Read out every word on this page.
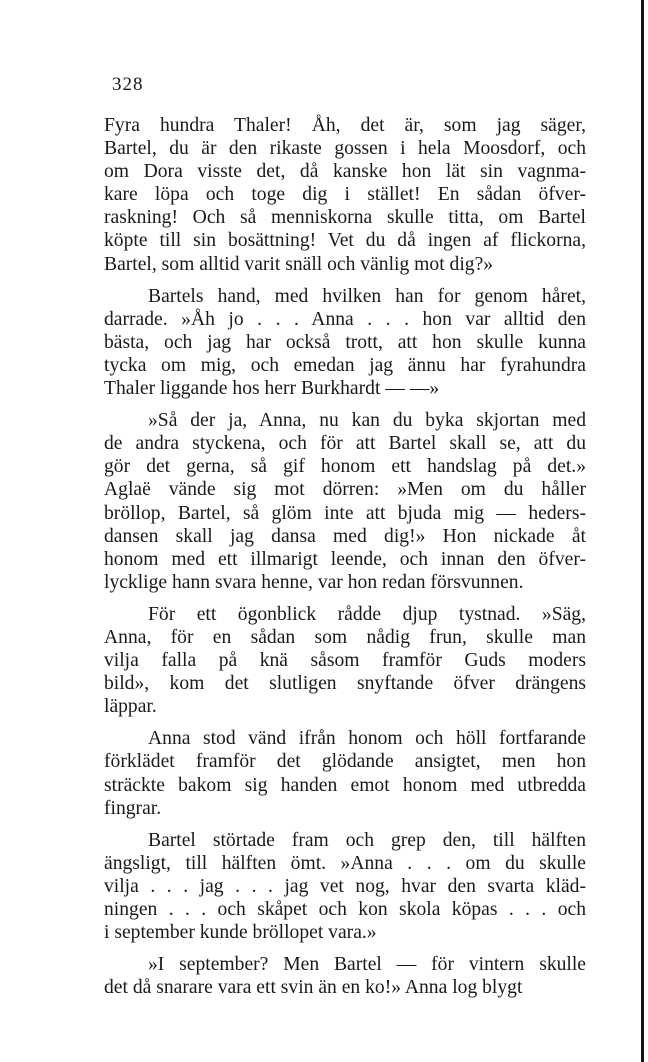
328
Fyra hundra Thaler! Åh, det är, som jag säger,
Bartel, du är den rikaste gossen i hela Moosdorf, och
om Dora visste det, då kanske hon lät sin vagnma-
kare löpa och toge dig i stället! En sådan öfver-
raskning! Och så menniskorna skulle titta, om Bartel
köpte till sin bosättning! Vet du då ingen af flickorna,
Bartel, som alltid varit snäll och vänlig mot dig?»
Bartels hand, med hvilken han for genom håret,
darrade. »Åh jo . . . Anna . . . hon var alltid den
bästa, och jag har också trott, att hon skulle kunna
tycka om mig, och emedan jag ännu har fyrahundra
Thaler liggande hos herr Burkhardt — —»
»Så der ja, Anna, nu kan du byka skjortan med
de andra styckena, och för att Bartel skall se, att du
gör det gerna, så gif honom ett handslag på det.»
Aglaë vände sig mot dörren: »Men om du håller
bröllop, Bartel, så glöm inte att bjuda mig — heders-
dansen skall jag dansa med dig!» Hon nickade åt
honom med ett illmarigt leende, och innan den öfver-
lycklige hann svara henne, var hon redan försvunnen.
För ett ögonblick rådde djup tystnad. »Säg,
Anna, för en sådan som nådig frun, skulle man
vilja falla på knä såsom framför Guds moders
bild», kom det slutligen snyftande öfver drängens
läppar.
Anna stod vänd ifrån honom och höll fortfarande
förklädet framför det glödande ansigtet, men hon
sträckte bakom sig handen emot honom med utbredda
fingrar.
Bartel störtade fram och grep den, till hälften
ängsligt, till hälften ömt. »Anna . . . om du skulle
vilja . . . jag . . . jag vet nog, hvar den svarta kläd-
ningen . . . och skåpet och kon skola köpas . . . och
i september kunde bröllopet vara.»
»I september? Men Bartel — för vintern skulle
det då snarare vara ett svin än en ko!» Anna log blygt
